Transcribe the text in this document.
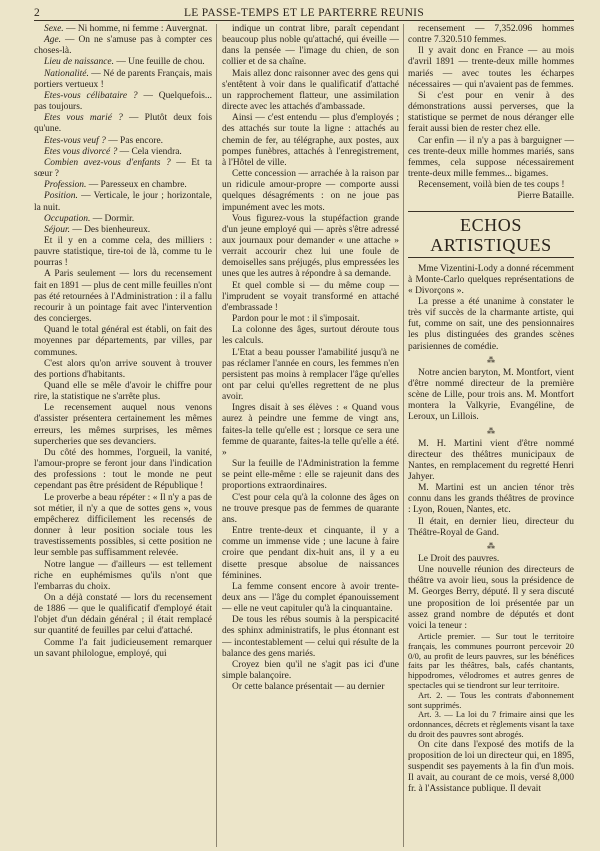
2	LE PASSE-TEMPS ET LE PARTERRE REUNIS

Sexe. — Ni homme, ni femme : Auvergnat.

Age. — On ne s'amuse pas à compter ces choses-là.

Lieu de naissance. — Une feuille de chou.

Nationalité. — Né de parents Français, mais portiers vertueux !

Etes-vous célibataire ? — Quelquefois... pas toujours.

Etes vous marié ? — Plutôt deux fois qu'une.

Etes-vous veuf ? — Pas encore.

Etes vous divorcé ? — Cela viendra.

Combien avez-vous d'enfants ? — Et ta sœur ?

Profession. — Paresseux en chambre.

Position. — Verticale, le jour ; horizontale, la nuit.

Occupation. — Dormir.

Séjour. — Des bienheureux.

Et il y en a comme cela, des milliers : pauvre statistique, tire-toi de là, comme tu le pourras !

A Paris seulement — lors du recensement fait en 1891 — plus de cent mille feuilles n'ont pas été retournées à l'Administration : il a fallu recourir à un pointage fait avec l'intervention des concierges.

Quand le total général est établi, on fait des moyennes par départements, par villes, par communes.

C'est alors qu'on arrive souvent à trouver des portions d'habitants.

Quand elle se mêle d'avoir le chiffre pour rire, la statistique ne s'arrête plus.

Le recensement auquel nous venons d'assister présentera certainement les mêmes erreurs, les mêmes surprises, les mêmes supercheries que ses devanciers.

Du côté des hommes, l'orgueil, la vanité, l'amour-propre se feront jour dans l'indication des professions : tout le monde ne peut cependant pas être président de République !

Le proverbe a beau répéter : « Il n'y a pas de sot métier, il n'y a que de sottes gens », vous empêcherez difficilement les recensés de donner à leur position sociale tous les travestissements possibles, si cette position ne leur semble pas suffisamment relevée.

Notre langue — d'ailleurs — est tellement riche en euphémismes qu'ils n'ont que l'embarras du choix.

On a déjà constaté — lors du recensement de 1886 — que le qualificatif d'employé était l'objet d'un dédain général ; il était remplacé sur quantité de feuilles par celui d'attaché.

Comme l'a fait judicieusement remarquer un savant philologue, employé, qui

indique un contrat libre, paraît cependant beaucoup plus noble qu'attaché, qui éveille — dans la pensée — l'image du chien, de son collier et de sa chaîne.

Mais allez donc raisonner avec des gens qui s'entêtent à voir dans le qualificatif d'attaché un rapprochement flatteur, une assimilation directe avec les attachés d'ambassade.

Ainsi — c'est entendu — plus d'employés ; des attachés sur toute la ligne : attachés au chemin de fer, au télégraphe, aux postes, aux pompes funèbres, attachés à l'enregistrement, à l'Hôtel de ville.

Cette concession — arrachée à la raison par un ridicule amour-propre — comporte aussi quelques désagréments : on ne joue pas impunément avec les mots.

Vous figurez-vous la stupéfaction grande d'un jeune employé qui — après s'être adressé aux journaux pour demander « une attache » verrait accourir chez lui une foule de demoiselles sans préjugés, plus empressées les unes que les autres à répondre à sa demande.

Et quel comble si — du même coup — l'imprudent se voyait transformé en attaché d'embrassade !

Pardon pour le mot : il s'imposait.

La colonne des âges, surtout déroute tous les calculs.

L'Etat a beau pousser l'amabilité jusqu'à ne pas réclamer l'année en cours, les femmes n'en persistent pas moins à remplacer l'âge qu'elles ont par celui qu'elles regrettent de ne plus avoir.

Ingres disait à ses élèves : « Quand vous aurez à peindre une femme de vingt ans, faites-la telle qu'elle est ; lorsque ce sera une femme de quarante, faites-la telle qu'elle a été. »

Sur la feuille de l'Administration la femme se peint elle-même : elle se rajeunit dans des proportions extraordinaires.

C'est pour cela qu'à la colonne des âges on ne trouve presque pas de femmes de quarante ans.

Entre trente-deux et cinquante, il y a comme un immense vide ; une lacune à faire croire que pendant dix-huit ans, il y a eu disette presque absolue de naissances féminines.

La femme consent encore à avoir trente-deux ans — l'âge du complet épanouissement — elle ne veut capituler qu'à la cinquantaine.

De tous les rébus soumis à la perspicacité des sphinx administratifs, le plus étonnant est — incontestablement — celui qui résulte de la balance des gens mariés.

Croyez bien qu'il ne s'agit pas ici d'une simple balançoire.

Or cette balance présentait — au dernier

recensement — 7,352.096 hommes contre 7.320.510 femmes.

Il y avait donc en France — au mois d'avril 1891 — trente-deux mille hommes mariés — avec toutes les écharpes nécessaires — qui n'avaient pas de femmes.

Si c'est pour en venir à des démonstrations aussi perverses, que la statistique se permet de nous déranger elle ferait aussi bien de rester chez elle.

Car enfin — il n'y a pas à barguigner — ces trente-deux mille hommes mariés, sans femmes, cela suppose nécessairement trente-deux mille femmes... bigames.

Recensement, voilà bien de tes coups !

Pierre Bataille.

ECHOS ARTISTIQUES

Mme Vizentini-Lody a donné récemment à Monte-Carlo quelques représentations de « Divorçons ».

La presse a été unanime à constater le très vif succès de la charmante artiste, qui fut, comme on sait, une des pensionnaires les plus distinguées des grandes scènes parisiennes de comédie.

⁂

Notre ancien baryton, M. Montfort, vient d'être nommé directeur de la première scène de Lille, pour trois ans. M. Montfort montera la Valkyrie, Evangéline, de Leroux, un Lillois.

⁂

M. H. Martini vient d'être nommé directeur des théâtres municipaux de Nantes, en remplacement du regretté Henri Jahyer.

M. Martini est un ancien ténor très connu dans les grands théâtres de province : Lyon, Rouen, Nantes, etc.

Il était, en dernier lieu, directeur du Théâtre-Royal de Gand.

⁂

Le Droit des pauvres.

Une nouvelle réunion des directeurs de théâtre va avoir lieu, sous la présidence de M. Georges Berry, député. Il y sera discuté une proposition de loi présentée par un assez grand nombre de députés et dont voici la teneur :

Article premier. — Sur tout le territoire français, les communes pourront percevoir 20 0/0, au profit de leurs pauvres, sur les bénéfices faits par les théâtres, bals, cafés chantants, hippodromes, vélodromes et autres genres de spectacles qui se tiendront sur leur territoire.

Art. 2. — Tous les contrats d'abonnement sont supprimés.

Art. 3. — La loi du 7 frimaire ainsi que les ordonnances, décrets et règlements visant la taxe du droit des pauvres sont abrogés.

On cite dans l'exposé des motifs de la proposition de loi un directeur qui, en 1895, suspendit ses payements à la fin d'un mois. Il avait, au courant de ce mois, versé 8,000 fr. à l'Assistance publique. Il devait
